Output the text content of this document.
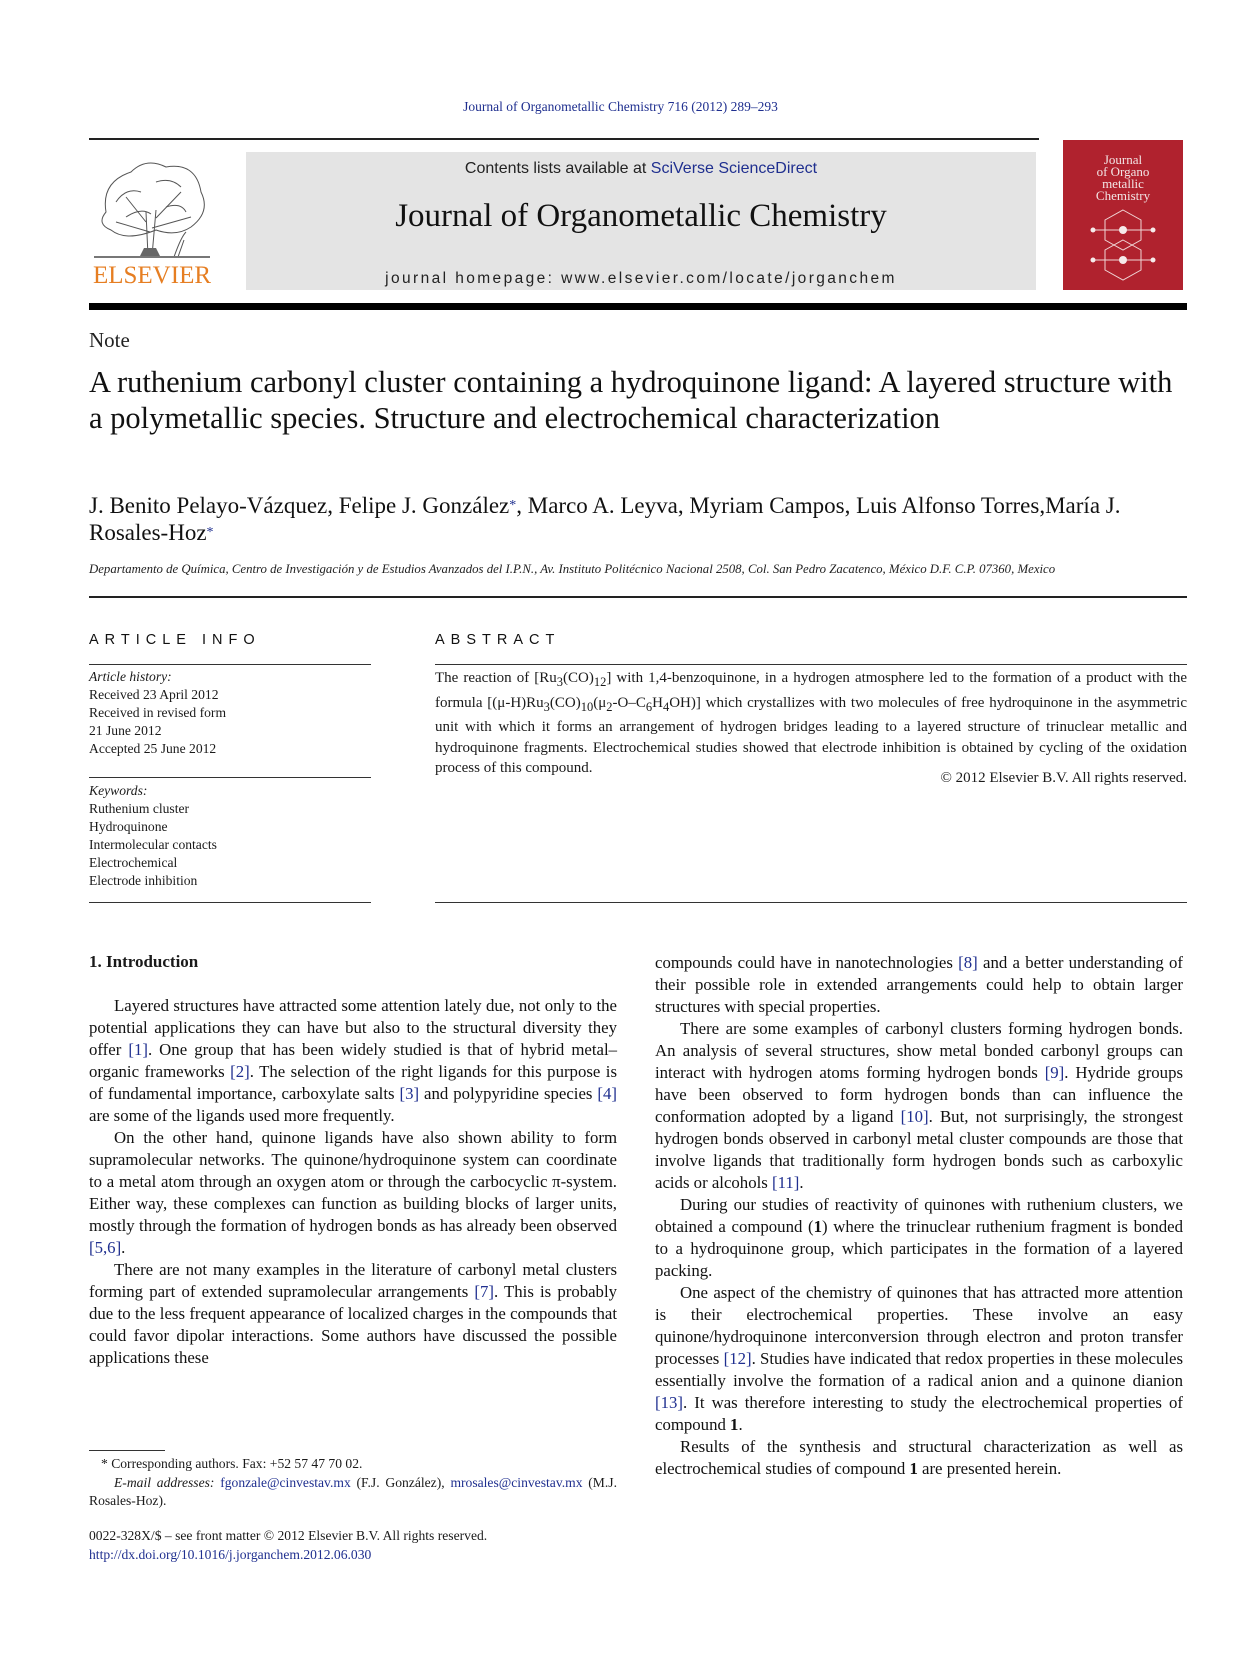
Journal of Organometallic Chemistry 716 (2012) 289–293
ELSEVIER
Contents lists available at SciVerse ScienceDirect
Journal of Organometallic Chemistry
journal homepage: www.elsevier.com/locate/jorganchem
Journal
of Organo
metallic
Chemistry
Note
A ruthenium carbonyl cluster containing a hydroquinone ligand: A layered structure with a polymetallic species. Structure and electrochemical characterization
J. Benito Pelayo-Vázquez, Felipe J. González*, Marco A. Leyva, Myriam Campos, Luis Alfonso Torres,María J. Rosales-Hoz*
Departamento de Química, Centro de Investigación y de Estudios Avanzados del I.P.N., Av. Instituto Politécnico Nacional 2508, Col. San Pedro Zacatenco, México D.F. C.P. 07360, Mexico
ARTICLE INFO
Article history:
Received 23 April 2012
Received in revised form
21 June 2012
Accepted 25 June 2012
Keywords:
Ruthenium cluster
Hydroquinone
Intermolecular contacts
Electrochemical
Electrode inhibition
ABSTRACT
The reaction of $[Ru_3(CO)_{12}]$ with 1,4-benzoquinone, in a hydrogen atmosphere led to the formation of a product with the formula $[(\mu-H)Ru_3(CO)_{10}(\mu_2-O-C_6H_4OH)]$ which crystallizes with two molecules of free hydroquinone in the asymmetric unit with which it forms an arrangement of hydrogen bridges leading to a layered structure of trinuclear metallic and hydroquinone fragments. Electrochemical studies showed that electrode inhibition is obtained by cycling of the oxidation process of this compound.
© 2012 Elsevier B.V. All rights reserved.
1. Introduction

Layered structures have attracted some attention lately due, not only to the potential applications they can have but also to the structural diversity they offer [1]. One group that has been widely studied is that of hybrid metal–organic frameworks [2]. The selection of the right ligands for this purpose is of fundamental importance, carboxylate salts [3] and polypyridine species [4] are some of the ligands used more frequently.

On the other hand, quinone ligands have also shown ability to form supramolecular networks. The quinone/hydroquinone system can coordinate to a metal atom through an oxygen atom or through the carbocyclic π-system. Either way, these complexes can function as building blocks of larger units, mostly through the formation of hydrogen bonds as has already been observed [5,6].

There are not many examples in the literature of carbonyl metal clusters forming part of extended supramolecular arrangements [7]. This is probably due to the less frequent appearance of localized charges in the compounds that could favor dipolar interactions. Some authors have discussed the possible applications these

compounds could have in nanotechnologies [8] and a better understanding of their possible role in extended arrangements could help to obtain larger structures with special properties.

There are some examples of carbonyl clusters forming hydrogen bonds. An analysis of several structures, show metal bonded carbonyl groups can interact with hydrogen atoms forming hydrogen bonds [9]. Hydride groups have been observed to form hydrogen bonds than can influence the conformation adopted by a ligand [10]. But, not surprisingly, the strongest hydrogen bonds observed in carbonyl metal cluster compounds are those that involve ligands that traditionally form hydrogen bonds such as carboxylic acids or alcohols [11].

During our studies of reactivity of quinones with ruthenium clusters, we obtained a compound (1) where the trinuclear ruthenium fragment is bonded to a hydroquinone group, which participates in the formation of a layered packing.

One aspect of the chemistry of quinones that has attracted more attention is their electrochemical properties. These involve an easy quinone/hydroquinone interconversion through electron and proton transfer processes [12]. Studies have indicated that redox properties in these molecules essentially involve the formation of a radical anion and a quinone dianion [13]. It was therefore interesting to study the electrochemical properties of compound 1.

Results of the synthesis and structural characterization as well as electrochemical studies of compound 1 are presented herein.

* Corresponding authors. Fax: +52 57 47 70 02.
E-mail addresses: fgonzale@cinvestav.mx (F.J. González), mrosales@cinvestav.mx (M.J. Rosales-Hoz).
0022-328X/$ – see front matter © 2012 Elsevier B.V. All rights reserved.
http://dx.doi.org/10.1016/j.jorganchem.2012.06.030
